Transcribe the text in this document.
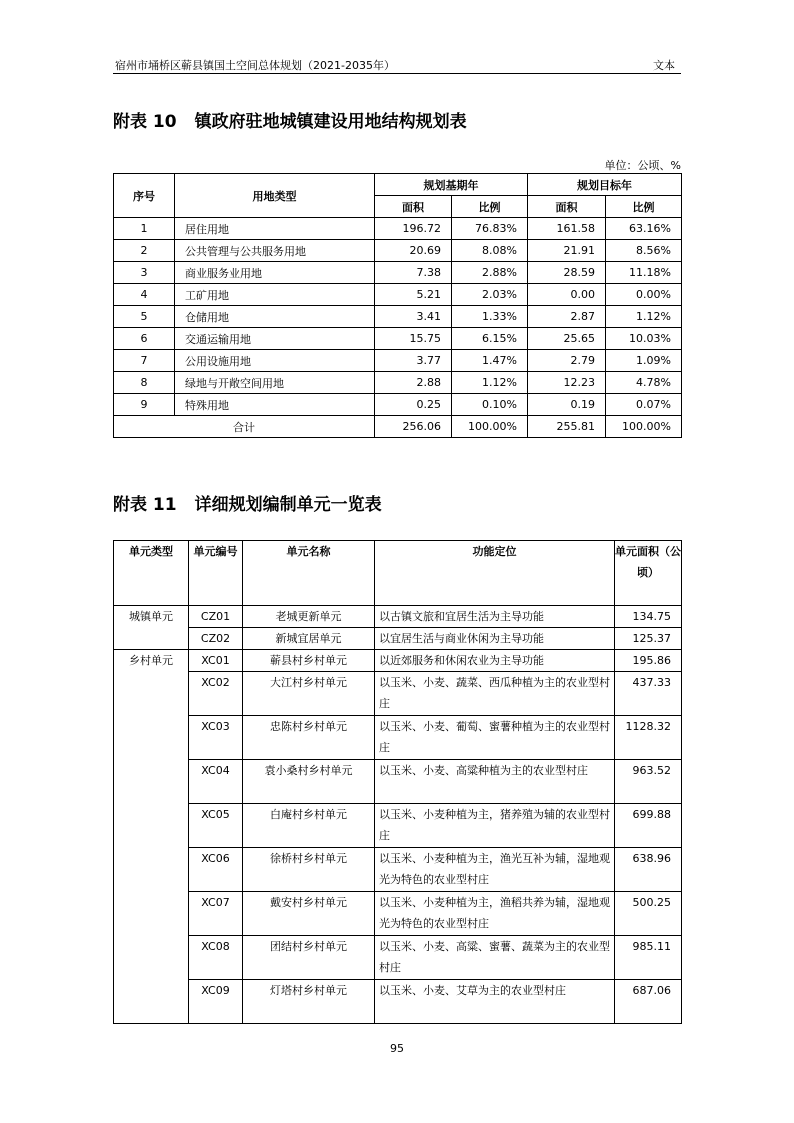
宿州市埇桥区蕲县镇国土空间总体规划（2021-2035年）	文本
附表 10 镇政府驻地城镇建设用地结构规划表
单位：公顷、%
序号	用地类型	规划基期年		规划目标年	
		面积	比例	面积	比例
1	居住用地	196.72	76.83%	161.58	63.16%
2	公共管理与公共服务用地	20.69	8.08%	21.91	8.56%
3	商业服务业用地	7.38	2.88%	28.59	11.18%
4	工矿用地	5.21	2.03%	0.00	0.00%
5	仓储用地	3.41	1.33%	2.87	1.12%
6	交通运输用地	15.75	6.15%	25.65	10.03%
7	公用设施用地	3.77	1.47%	2.79	1.09%
8	绿地与开敞空间用地	2.88	1.12%	12.23	4.78%
9	特殊用地	0.25	0.10%	0.19	0.07%
合计		256.06	100.00%	255.81	100.00%
附表 11 详细规划编制单元一览表
单元类型	单元编号	单元名称	功能定位	单元面积（公顷）
城镇单元	CZ01	老城更新单元	以古镇文旅和宜居生活为主导功能	134.75
	CZ02	新城宜居单元	以宜居生活与商业休闲为主导功能	125.37
乡村单元	XC01	蕲县村乡村单元	以近郊服务和休闲农业为主导功能	195.86
	XC02	大江村乡村单元	以玉米、小麦、蔬菜、西瓜种植为主的农业型村庄	437.33
	XC03	忠陈村乡村单元	以玉米、小麦、葡萄、蜜薯种植为主的农业型村庄	1128.32
	XC04	袁小桑村乡村单元	以玉米、小麦、高粱种植为主的农业型村庄	963.52
	XC05	白庵村乡村单元	以玉米、小麦种植为主，猪养殖为辅的农业型村庄	699.88
	XC06	徐桥村乡村单元	以玉米、小麦种植为主，渔光互补为辅，湿地观光为特色的农业型村庄	638.96
	XC07	戴安村乡村单元	以玉米、小麦种植为主，渔稻共养为辅，湿地观光为特色的农业型村庄	500.25
	XC08	团结村乡村单元	以玉米、小麦、高粱、蜜薯、蔬菜为主的农业型村庄	985.11
	XC09	灯塔村乡村单元	以玉米、小麦、艾草为主的农业型村庄	687.06
95
